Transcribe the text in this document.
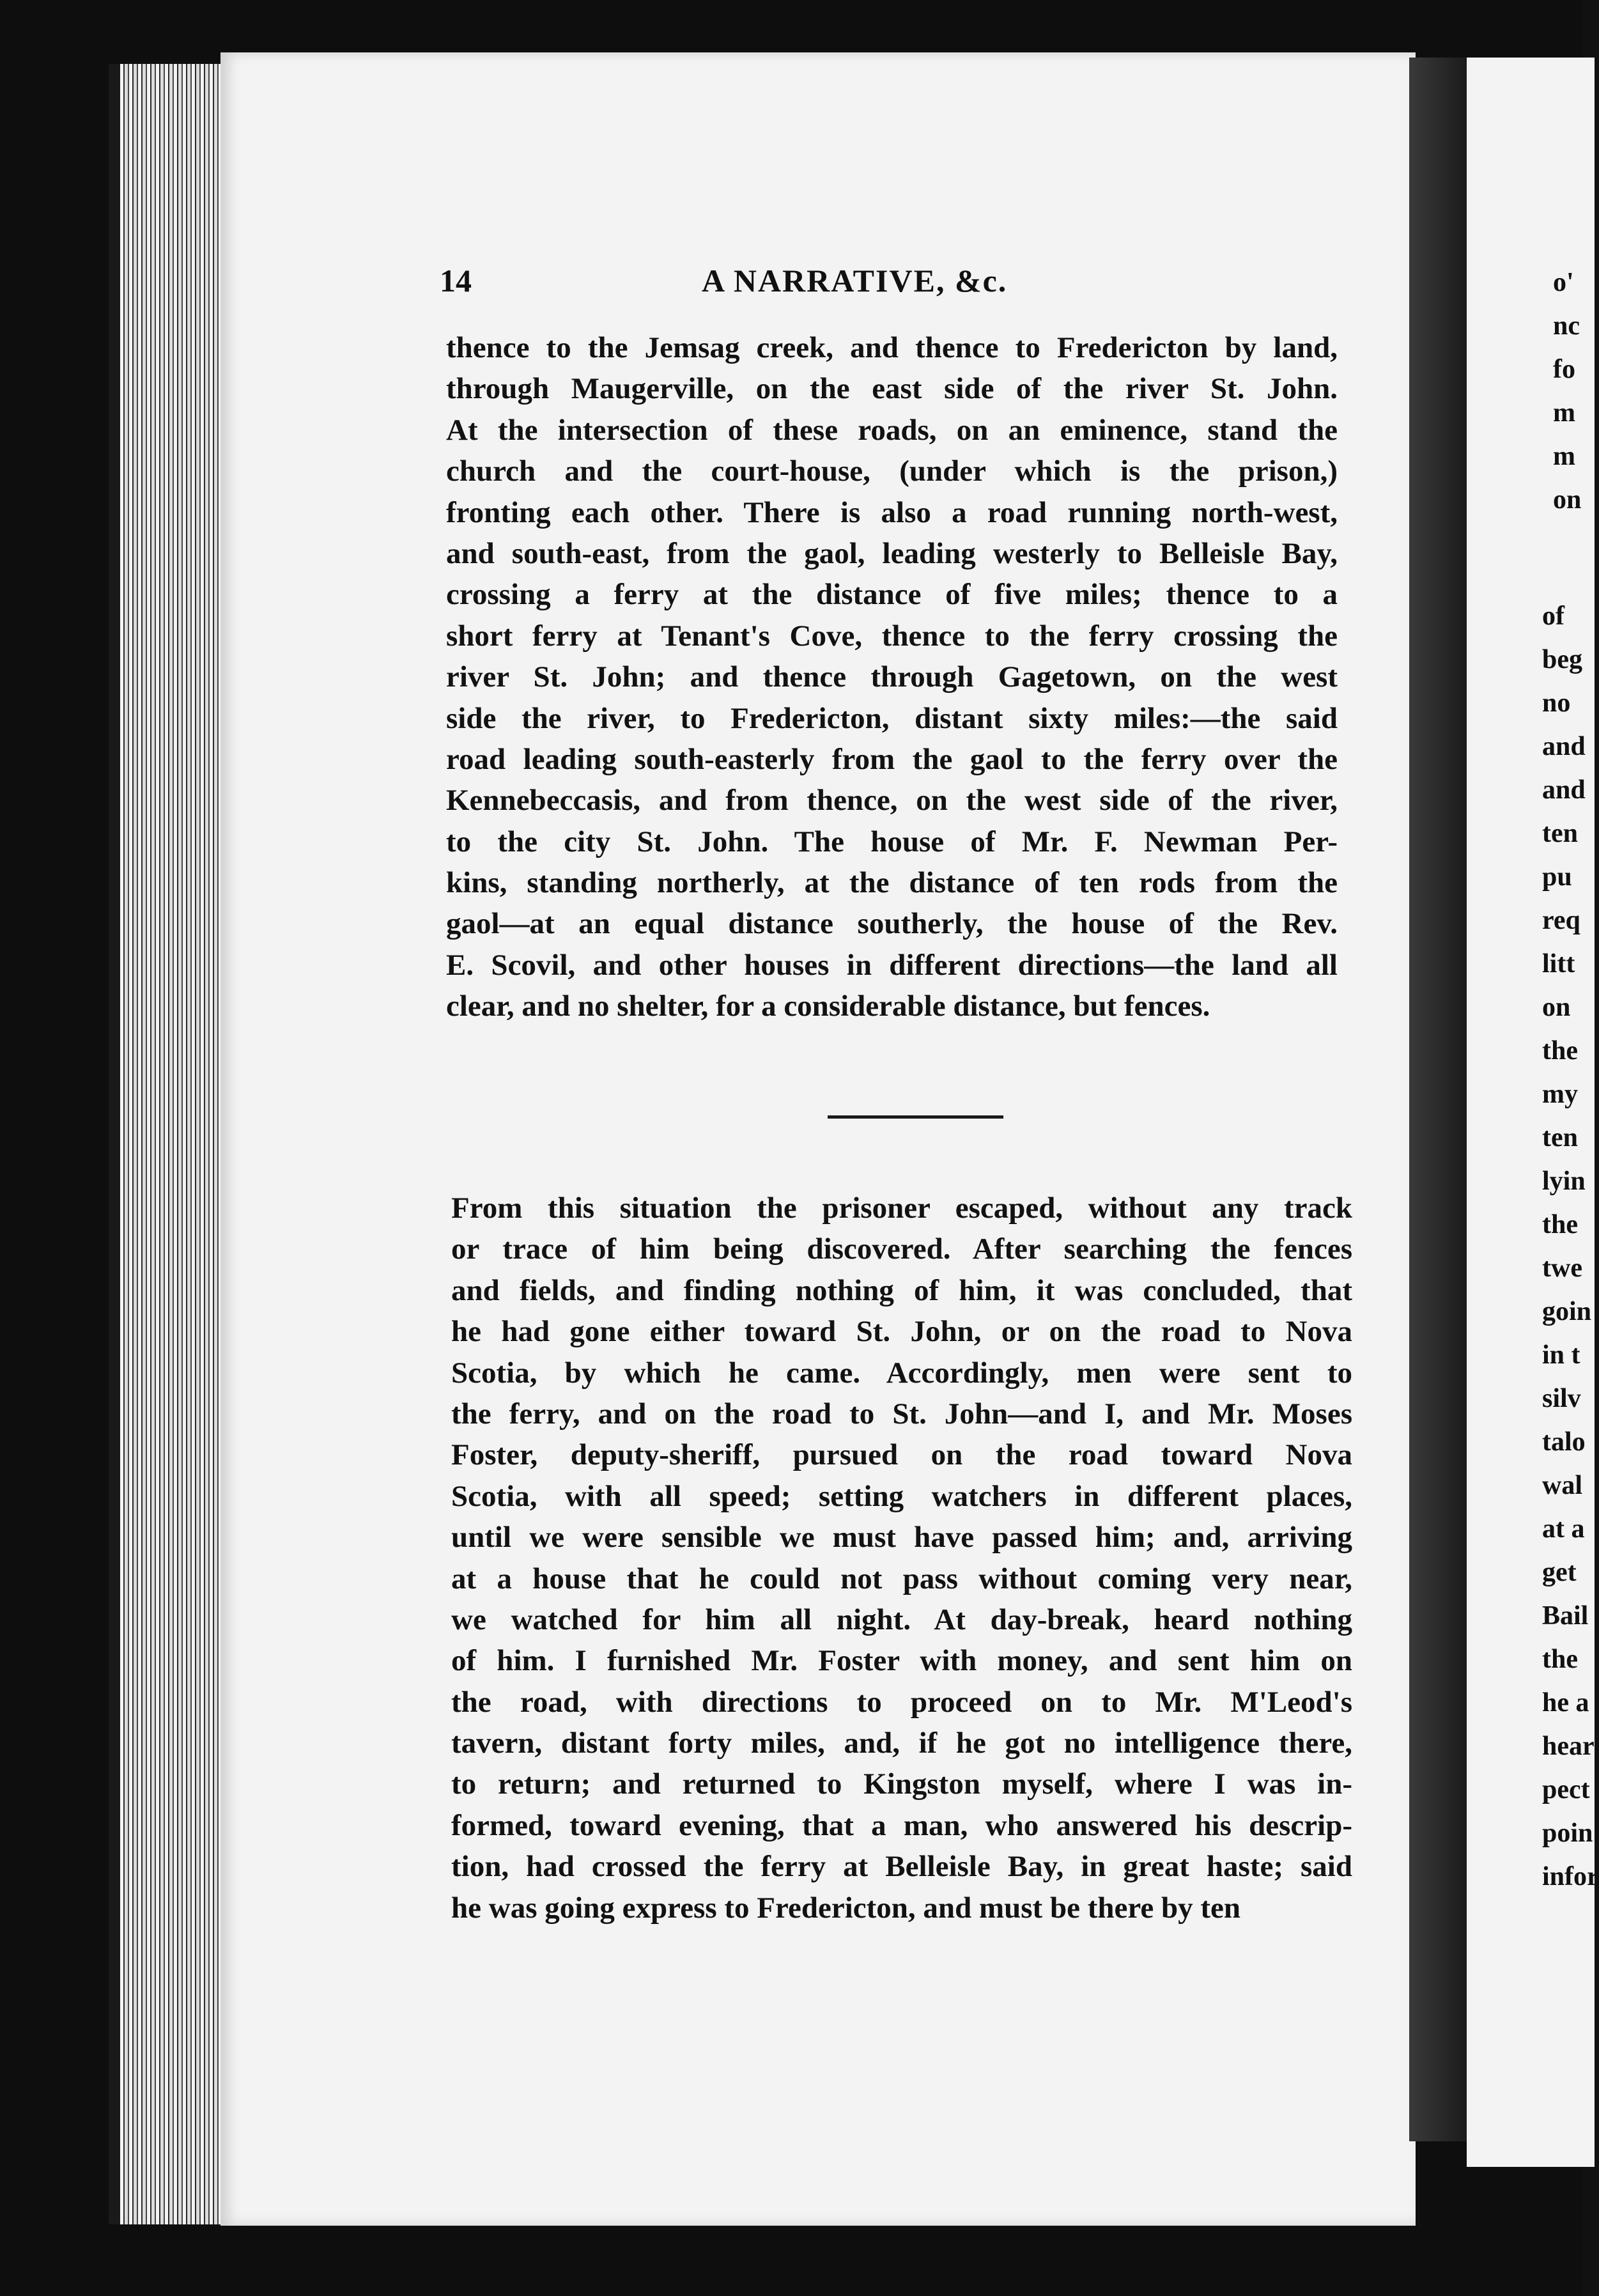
o'
nc
fo
m
m
on
of
beg
no
and
and
ten
pu
req
litt
on
the
my
ten
lyin
the
twe
goin
in t
silv
talo
wal
at a
get
Bail
the
he a
hear
pect
poin
infor
14	A NARRATIVE, &c.
thence to the Jemsag creek, and thence to Fredericton by land,
through Maugerville, on the east side of the river St. John.
At the intersection of these roads, on an eminence, stand the
church and the court-house, (under which is the prison,)
fronting each other. There is also a road running north-west,
and south-east, from the gaol, leading westerly to Belleisle Bay,
crossing a ferry at the distance of five miles; thence to a
short ferry at Tenant's Cove, thence to the ferry crossing the
river St. John; and thence through Gagetown, on the west
side the river, to Fredericton, distant sixty miles:—the said
road leading south-easterly from the gaol to the ferry over the
Kennebeccasis, and from thence, on the west side of the river,
to the city St. John. The house of Mr. F. Newman Per-
kins, standing northerly, at the distance of ten rods from the
gaol—at an equal distance southerly, the house of the Rev.
E. Scovil, and other houses in different directions—the land all
clear, and no shelter, for a considerable distance, but fences.
From this situation the prisoner escaped, without any track
or trace of him being discovered. After searching the fences
and fields, and finding nothing of him, it was concluded, that
he had gone either toward St. John, or on the road to Nova
Scotia, by which he came. Accordingly, men were sent to
the ferry, and on the road to St. John—and I, and Mr. Moses
Foster, deputy-sheriff, pursued on the road toward Nova
Scotia, with all speed; setting watchers in different places,
until we were sensible we must have passed him; and, arriving
at a house that he could not pass without coming very near,
we watched for him all night. At day-break, heard nothing
of him. I furnished Mr. Foster with money, and sent him on
the road, with directions to proceed on to Mr. M'Leod's
tavern, distant forty miles, and, if he got no intelligence there,
to return; and returned to Kingston myself, where I was in-
formed, toward evening, that a man, who answered his descrip-
tion, had crossed the ferry at Belleisle Bay, in great haste; said
he was going express to Fredericton, and must be there by ten
